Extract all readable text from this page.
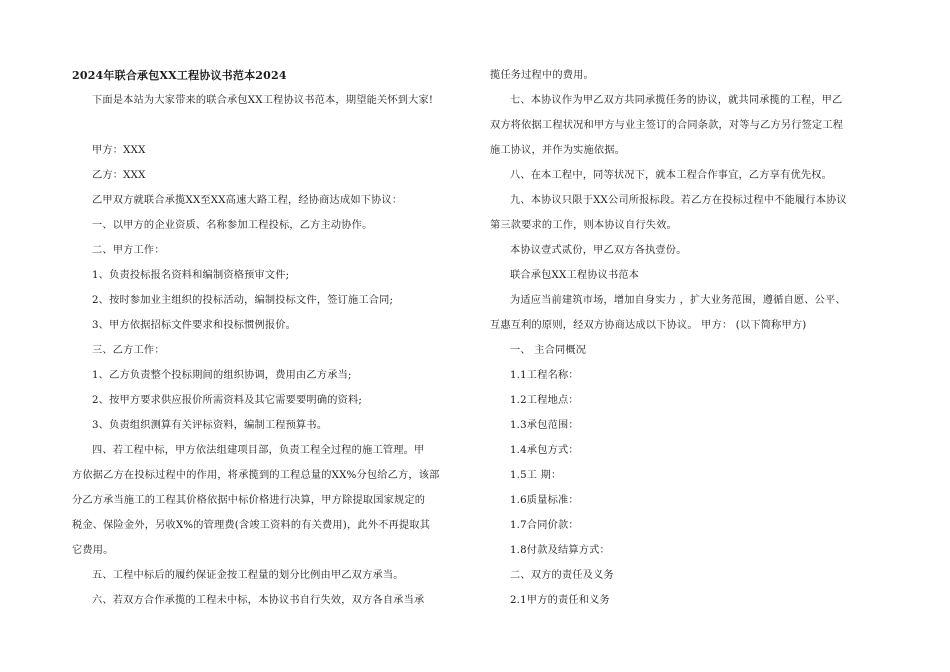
2024年联合承包XX工程协议书范本2024
下面是本站为大家带来的联合承包XX工程协议书范本，期望能关怀到大家!
甲方：XXX
乙方：XXX
乙甲双方就联合承揽XX至XX高速大路工程，经协商达成如下协议：
一、以甲方的企业资质、名称参加工程投标，乙方主动协作。
二、甲方工作：
1、负责投标报名资料和编制资格预审文件;
2、按时参加业主组织的投标活动，编制投标文件，签订施工合同;
3、甲方依据招标文件要求和投标惯例报价。
三、乙方工作：
1、乙方负责整个投标期间的组织协调，费用由乙方承当;
2、按甲方要求供应报价所需资料及其它需要要明确的资料;
3、负责组织测算有关评标资料，编制工程预算书。
四、若工程中标，甲方依法组建项目部，负责工程全过程的施工管理。甲
方依据乙方在投标过程中的作用，将承揽到的工程总量的XX%分包给乙方，该部
分乙方承当施工的工程其价格依据中标价格进行决算，甲方除提取国家规定的
税金、保险金外，另收X%的管理费(含竣工资料的有关费用)，此外不再提取其
它费用。
五、工程中标后的履约保证金按工程量的划分比例由甲乙双方承当。
六、若双方合作承揽的工程未中标，本协议书自行失效，双方各自承当承
揽任务过程中的费用。
七、本协议作为甲乙双方共同承揽任务的协议，就共同承揽的工程，甲乙
双方将依据工程状况和甲方与业主签订的合同条款，对等与乙方另行签定工程
施工协议，并作为实施依据。
八、在本工程中，同等状况下，就本工程合作事宜，乙方享有优先权。
九、本协议只限于XX公司所报标段。若乙方在投标过程中不能履行本协议
第三款要求的工作，则本协议自行失效。
本协议壹式贰份，甲乙双方各执壹份。
联合承包XX工程协议书范本
为适应当前建筑市场，增加自身实力 ，扩大业务范围，遵循自愿、公平、
互惠互利的原则，经双方协商达成以下协议。 甲方： (以下简称甲方)
一、 主合同概况
1.1工程名称：
1.2工程地点：
1.3承包范围：
1.4承包方式：
1.5工 期：
1.6质量标准：
1.7合同价款：
1.8付款及结算方式：
二、双方的责任及义务
2.1甲方的责任和义务
